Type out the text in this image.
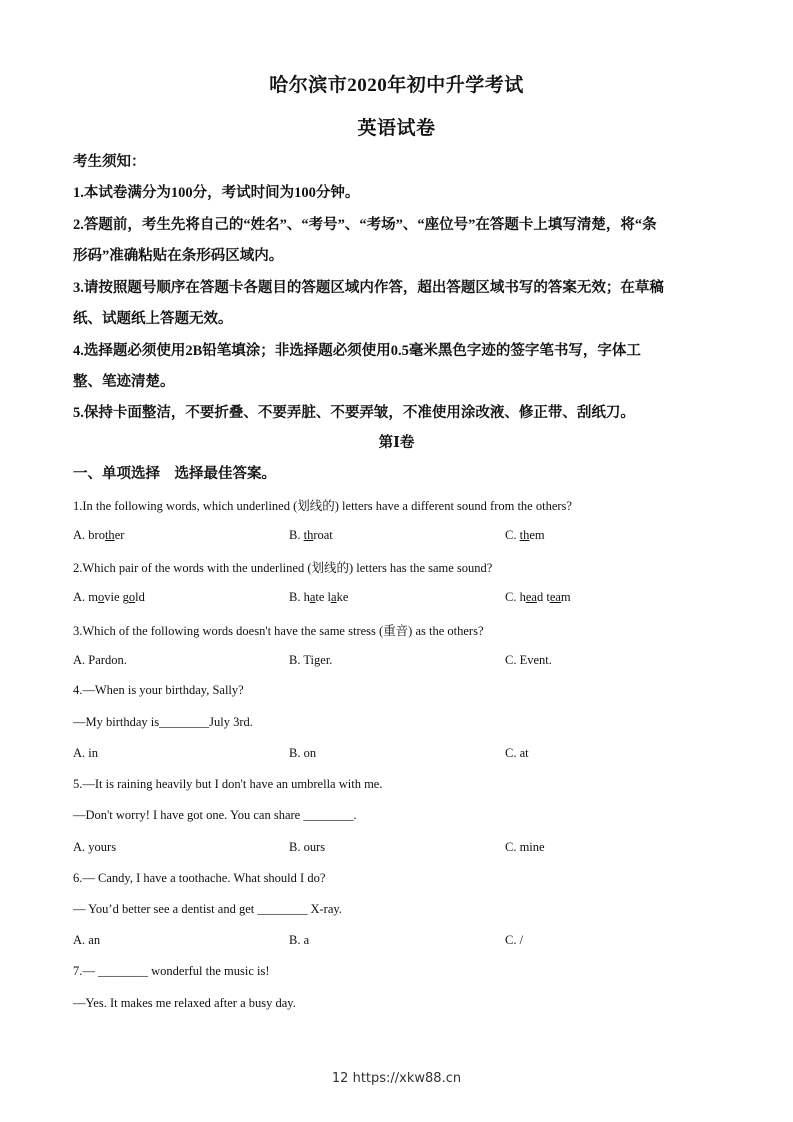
哈尔滨市2020年初中升学考试
英语试卷
考生须知：
1.本试卷满分为100分，考试时间为100分钟。
2.答题前，考生先将自己的“姓名”、“考号”、“考场”、“座位号”在答题卡上填写清楚，将“条
形码”准确粘贴在条形码区域内。
3.请按照题号顺序在答题卡各题目的答题区域内作答，超出答题区域书写的答案无效；在草稿
纸、试题纸上答题无效。
4.选择题必须使用2B铅笔填涂；非选择题必须使用0.5毫米黑色字迹的签字笔书写，字体工
整、笔迹清楚。
5.保持卡面整洁，不要折叠、不要弄脏、不要弄皱，不准使用涂改液、修正带、刮纸刀。
第Ⅰ卷
一、单项选择　选择最佳答案。
1.In the following words, which underlined (划线的) letters have a different sound from the others?
A. brother	B. throat	C. them
2.Which pair of the words with the underlined (划线的) letters has the same sound?
A. movie gold	B. hate lake	C. head team
3.Which of the following words doesn't have the same stress (重音) as the others?
A. Pardon.	B. Tiger.	C. Event.
4.—When is your birthday, Sally?
—My birthday is________July 3rd.
A. in	B. on	C. at
5.—It is raining heavily but I don't have an umbrella with me.
—Don't worry! I have got one. You can share ________.
A. yours	B. ours	C. mine
6.— Candy, I have a toothache. What should I do?
— You’d better see a dentist and get ________ X-ray.
A. an	B. a	C. /
7.— ________ wonderful the music is!
—Yes. It makes me relaxed after a busy day.
12 https://xkw88.cn
